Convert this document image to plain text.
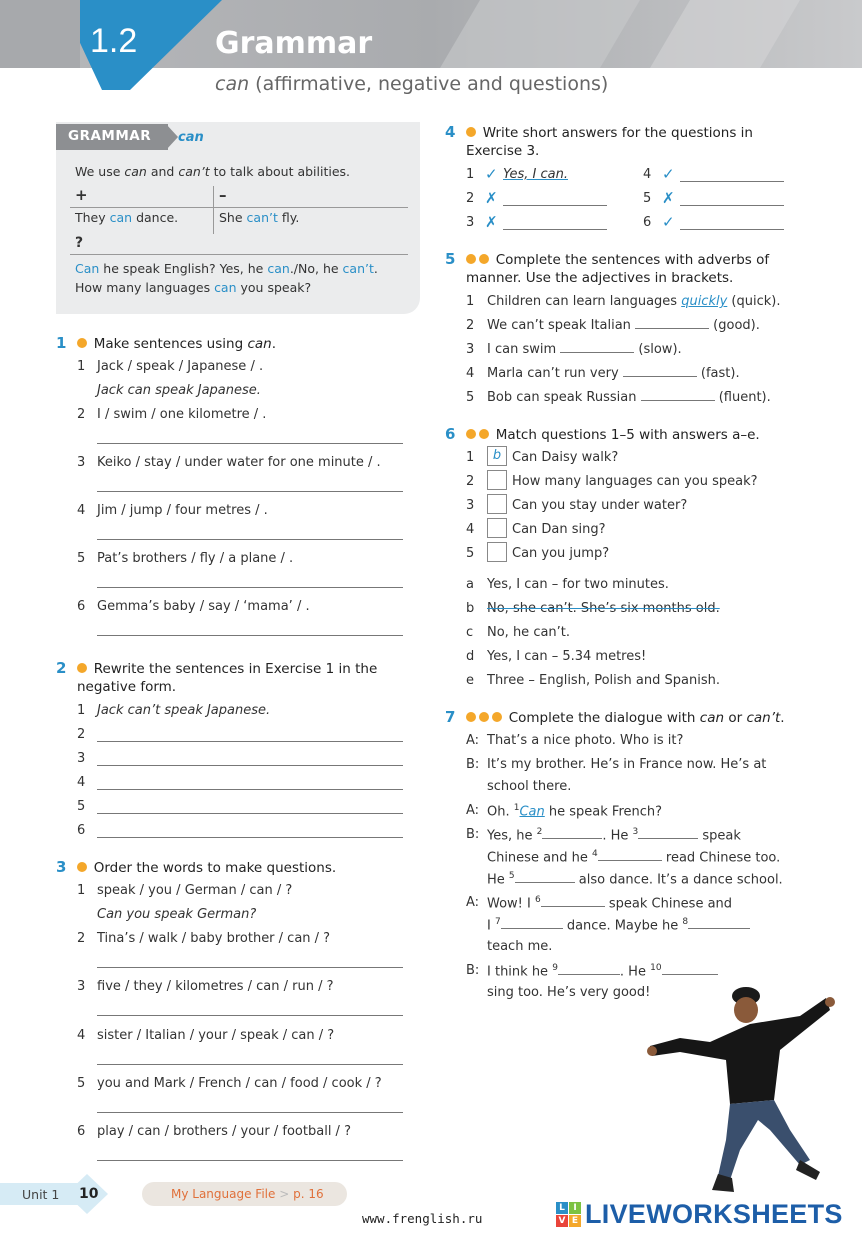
1.2	Grammar
can (affirmative, negative and questions)
GRAMMAR can
We use can and can’t to talk about abilities.
+	–
They can dance.	She can’t fly.
?
Can he speak English? Yes, he can./No, he can’t.
How many languages can you speak?
1 Make sentences using can.
2 Rewrite the sentences in Exercise 1 in the
negative form.
3 Order the words to make questions.
4 Write short answers for the questions in
Exercise 3.
5	Complete the sentences with adverbs of
manner. Use the adjectives in brackets.
6	Match questions 1–5 with answers a–e.
7	Complete the dialogue with can or can’t.
A: That’s a nice photo. Who is it?
B: It’s my brother. He’s in France now. He’s at
school there.
A: Oh. $^1$Can he speak French?
B: Yes, he $^2$	. He $^3$	speak
Chinese and he $^4$	read Chinese too.
He $^5$	also dance. It’s a dance school.
A: Wow! I $^6$	speak Chinese and
I $^7$	dance. Maybe he $^8$
teach me.
B: I think he $^9$	. He $^{10}$
sing too. He’s very good!
Unit 1 10	My Language File > p. 16
www.frenglish.ru
L I
V E LIVEWORKSHEETS
1 Jack / speak / Japanese / .
Jack can speak Japanese.
2 I / swim / one kilometre / .
3 Keiko / stay / under water for one minute / .
4 Jim / jump / four metres / .
5 Pat’s brothers / fly / a plane / .
6 Gemma’s baby / say / ‘mama’ / .
1 Jack can’t speak Japanese.
2
3
4
5
6
1 speak / you / German / can / ?
Can you speak German?
2 Tina’s / walk / baby brother / can / ?
3 five / they / kilometres / can / run / ?
4 sister / Italian / your / speak / can / ?
5 you and Mark / French / can / food / cook / ?
6 play / can / brothers / your / football / ?
1 ✓ Yes, I can.
2 ✗
3 ✗
4 ✓
5 ✗
6 ✓
1 Children can learn languages quickly (quick).
2 We can’t speak Italian	(good).
3 I can swim	(slow).
4 Marla can’t run very	(fast).
5 Bob can speak Russian	(fluent).
1	b Can Daisy walk?
2	How many languages can you speak?
3	Can you stay under water?
4	Can Dan sing?
5	Can you jump?
a Yes, I can – for two minutes.
b No, she can’t. She’s six months old.
c No, he can’t.
d Yes, I can – 5.34 metres!
e Three – English, Polish and Spanish.
